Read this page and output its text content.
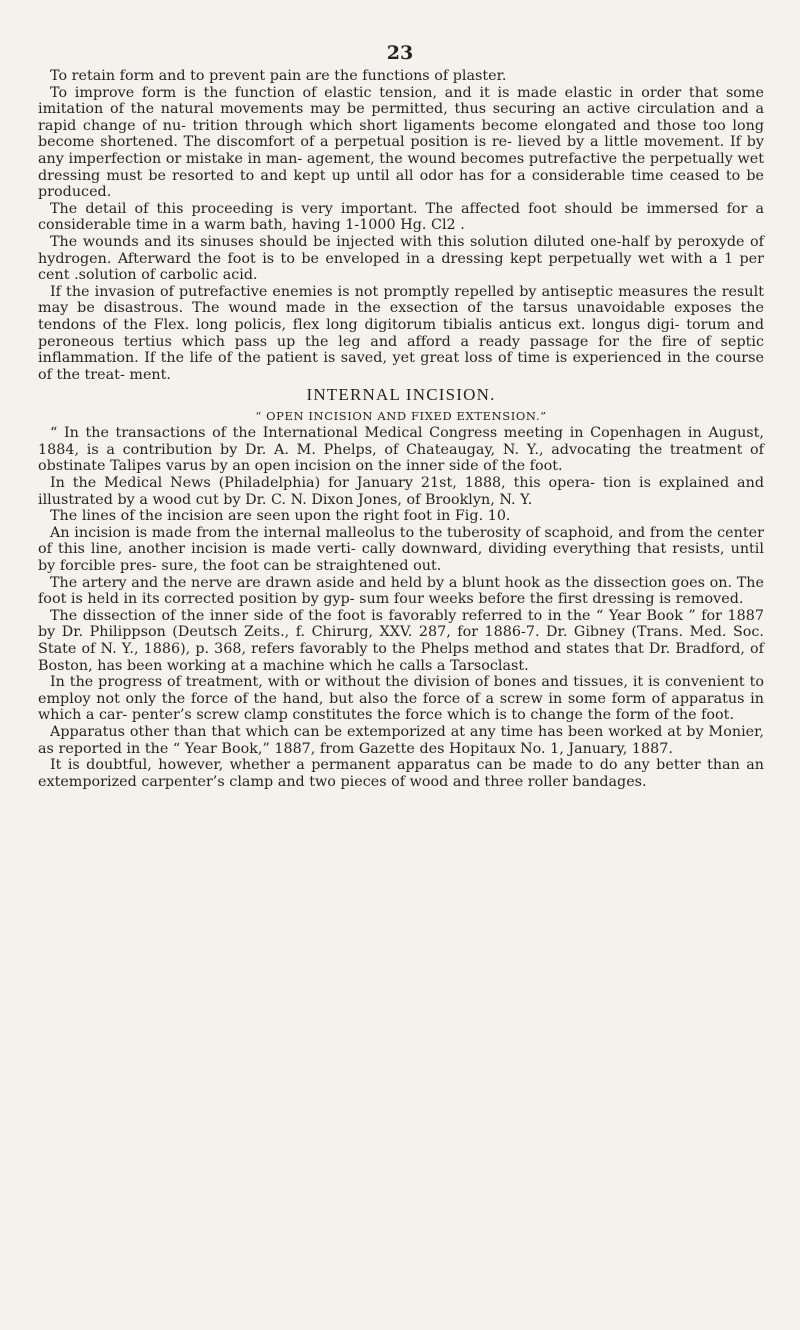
23

To retain form and to prevent pain are the functions of plaster.

To improve form is the function of elastic tension, and it is made elastic in order that some imitation of the natural movements may be permitted, thus securing an active circulation and a rapid change of nu- trition through which short ligaments become elongated and those too long become shortened. The discomfort of a perpetual position is re- lieved by a little movement. If by any imperfection or mistake in man- agement, the wound becomes putrefactive the perpetually wet dressing must be resorted to and kept up until all odor has for a considerable time ceased to be produced.

The detail of this proceeding is very important. The affected foot should be immersed for a considerable time in a warm bath, having 1-1000 Hg. Cl2 .

The wounds and its sinuses should be injected with this solution diluted one-half by peroxyde of hydrogen. Afterward the foot is to be enveloped in a dressing kept perpetually wet with a 1 per cent .solution of carbolic acid.

If the invasion of putrefactive enemies is not promptly repelled by antiseptic measures the result may be disastrous. The wound made in the exsection of the tarsus unavoidable exposes the tendons of the Flex. long policis, flex long digitorum tibialis anticus ext. longus digi- torum and peroneous tertius which pass up the leg and afford a ready passage for the fire of septic inflammation. If the life of the patient is saved, yet great loss of time is experienced in the course of the treat- ment.

INTERNAL INCISION.
“ OPEN INCISION AND FIXED EXTENSION.”

“ In the transactions of the International Medical Congress meeting in Copenhagen in August, 1884, is a contribution by Dr. A. M. Phelps, of Chateaugay, N. Y., advocating the treatment of obstinate Talipes varus by an open incision on the inner side of the foot.

In the Medical News (Philadelphia) for January 21st, 1888, this opera- tion is explained and illustrated by a wood cut by Dr. C. N. Dixon Jones, of Brooklyn, N. Y.

The lines of the incision are seen upon the right foot in Fig. 10.

An incision is made from the internal malleolus to the tuberosity of scaphoid, and from the center of this line, another incision is made verti- cally downward, dividing everything that resists, until by forcible pres- sure, the foot can be straightened out.

The artery and the nerve are drawn aside and held by a blunt hook as the dissection goes on. The foot is held in its corrected position by gyp- sum four weeks before the first dressing is removed.

The dissection of the inner side of the foot is favorably referred to in the “ Year Book ” for 1887 by Dr. Philippson (Deutsch Zeits., f. Chirurg, XXV. 287, for 1886-7. Dr. Gibney (Trans. Med. Soc. State of N. Y., 1886), p. 368, refers favorably to the Phelps method and states that Dr. Bradford, of Boston, has been working at a machine which he calls a Tarsoclast.

In the progress of treatment, with or without the division of bones and tissues, it is convenient to employ not only the force of the hand, but also the force of a screw in some form of apparatus in which a car- penter’s screw clamp constitutes the force which is to change the form of the foot.

Apparatus other than that which can be extemporized at any time has been worked at by Monier, as reported in the “ Year Book,” 1887, from Gazette des Hopitaux No. 1, January, 1887.

It is doubtful, however, whether a permanent apparatus can be made to do any better than an extemporized carpenter’s clamp and two pieces of wood and three roller bandages.
